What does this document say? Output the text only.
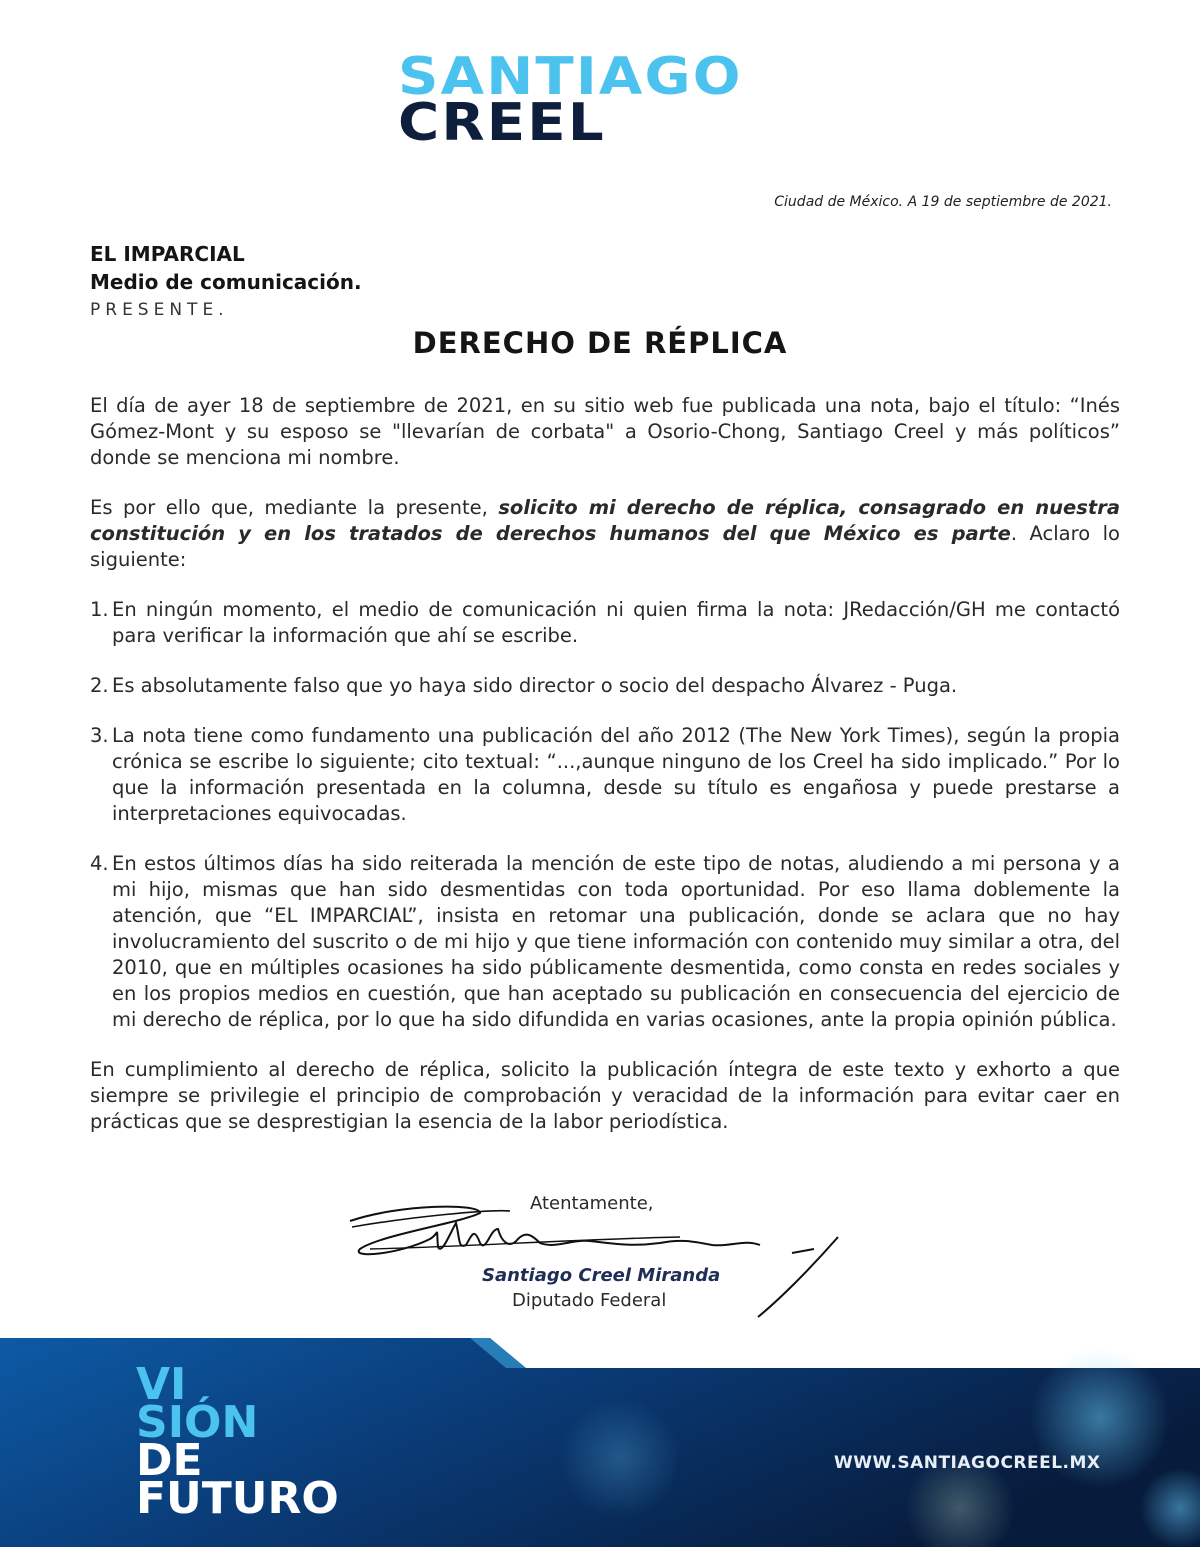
SANTIAGO
CREEL
Ciudad de México. A 19 de septiembre de 2021.
EL IMPARCIAL
Medio de comunicación.
PRESENTE.
DERECHO DE RÉPLICA

El día de ayer 18 de septiembre de 2021, en su sitio web fue publicada una nota, bajo el título: “Inés Gómez-Mont y su esposo se "llevarían de corbata" a Osorio-Chong, Santiago Creel y más políticos” donde se menciona mi nombre.

Es por ello que, mediante la presente, solicito mi derecho de réplica, consagrado en nuestra constitución y en los tratados de derechos humanos del que México es parte. Aclaro lo siguiente:

1. En ningún momento, el medio de comunicación ni quien firma la nota: JRedacción/GH me contactó para verificar la información que ahí se escribe.
2. Es absolutamente falso que yo haya sido director o socio del despacho Álvarez - Puga.
3. La nota tiene como fundamento una publicación del año 2012 (The New York Times), según la propia crónica se escribe lo siguiente; cito textual: “...,aunque ninguno de los Creel ha sido implicado.” Por lo que la información presentada en la columna, desde su título es engañosa y puede prestarse a interpretaciones equivocadas.
4. En estos últimos días ha sido reiterada la mención de este tipo de notas, aludiendo a mi persona y a mi hijo, mismas que han sido desmentidas con toda oportunidad. Por eso llama doblemente la atención, que “EL IMPARCIAL”, insista en retomar una publicación, donde se aclara que no hay involucramiento del suscrito o de mi hijo y que tiene información con contenido muy similar a otra, del 2010, que en múltiples ocasiones ha sido públicamente desmentida, como consta en redes sociales y en los propios medios en cuestión, que han aceptado su publicación en consecuencia del ejercicio de mi derecho de réplica, por lo que ha sido difundida en varias ocasiones, ante la propia opinión pública.

En cumplimiento al derecho de réplica, solicito la publicación íntegra de este texto y exhorto a que siempre se privilegie el principio de comprobación y veracidad de la información para evitar caer en prácticas que se desprestigian la esencia de la labor periodística.

Atentamente,
Santiago Creel Miranda
Diputado Federal
VI
SIÓN
DE
FUTURO
WWW.SANTIAGOCREEL.MX
